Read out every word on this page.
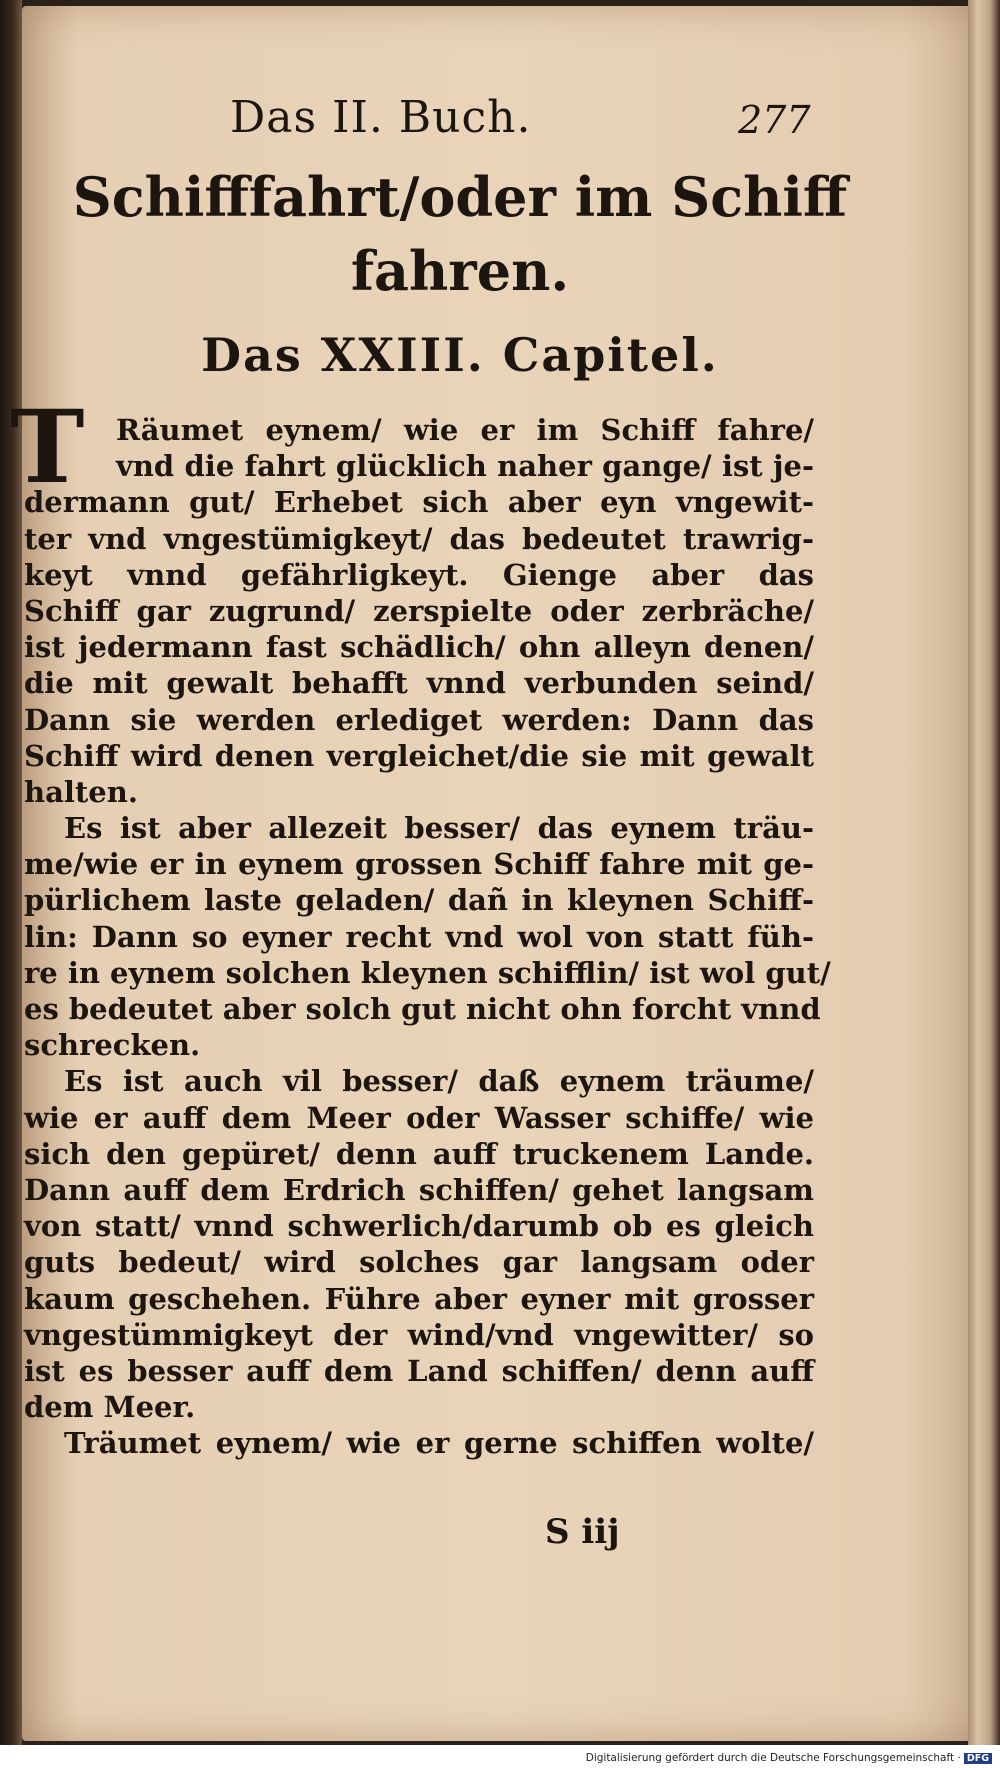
Das II. Buch.	277
Schifffahrt/oder im Schiff
fahren.
Das XXIII. Capitel.
T	Räumet eynem/ wie er im Schiff fahre/
vnd die fahrt glücklich naher gange/ ist je-
dermann gut/ Erhebet sich aber eyn vngewit-
ter vnd vngestümigkeyt/ das bedeutet trawrig-
keyt vnnd gefährligkeyt. Gienge aber das
Schiff gar zugrund/ zerspielte oder zerbräche/
ist jedermann fast schädlich/ ohn alleyn denen/
die mit gewalt behafft vnnd verbunden seind/
Dann sie werden erlediget werden: Dann das
Schiff wird denen vergleichet/die sie mit gewalt
halten.
Es ist aber allezeit besser/ das eynem träu-
me/wie er in eynem grossen Schiff fahre mit ge-
pürlichem laste geladen/ dañ in kleynen Schiff-
lin: Dann so eyner recht vnd wol von statt füh-
re in eynem solchen kleynen schifflin/ ist wol gut/
es bedeutet aber solch gut nicht ohn forcht vnnd
schrecken.
Es ist auch vil besser/ daß eynem träume/
wie er auff dem Meer oder Wasser schiffe/ wie
sich den gepüret/ denn auff truckenem Lande.
Dann auff dem Erdrich schiffen/ gehet langsam
von statt/ vnnd schwerlich/darumb ob es gleich
guts bedeut/ wird solches gar langsam oder
kaum geschehen. Führe aber eyner mit grosser
vngestümmigkeyt der wind/vnd vngewitter/ so
ist es besser auff dem Land schiffen/ denn auff
dem Meer.
Träumet eynem/ wie er gerne schiffen wolte/
S iij
Digitalisierung gefördert durch die Deutsche Forschungsgemeinschaft · DFG
